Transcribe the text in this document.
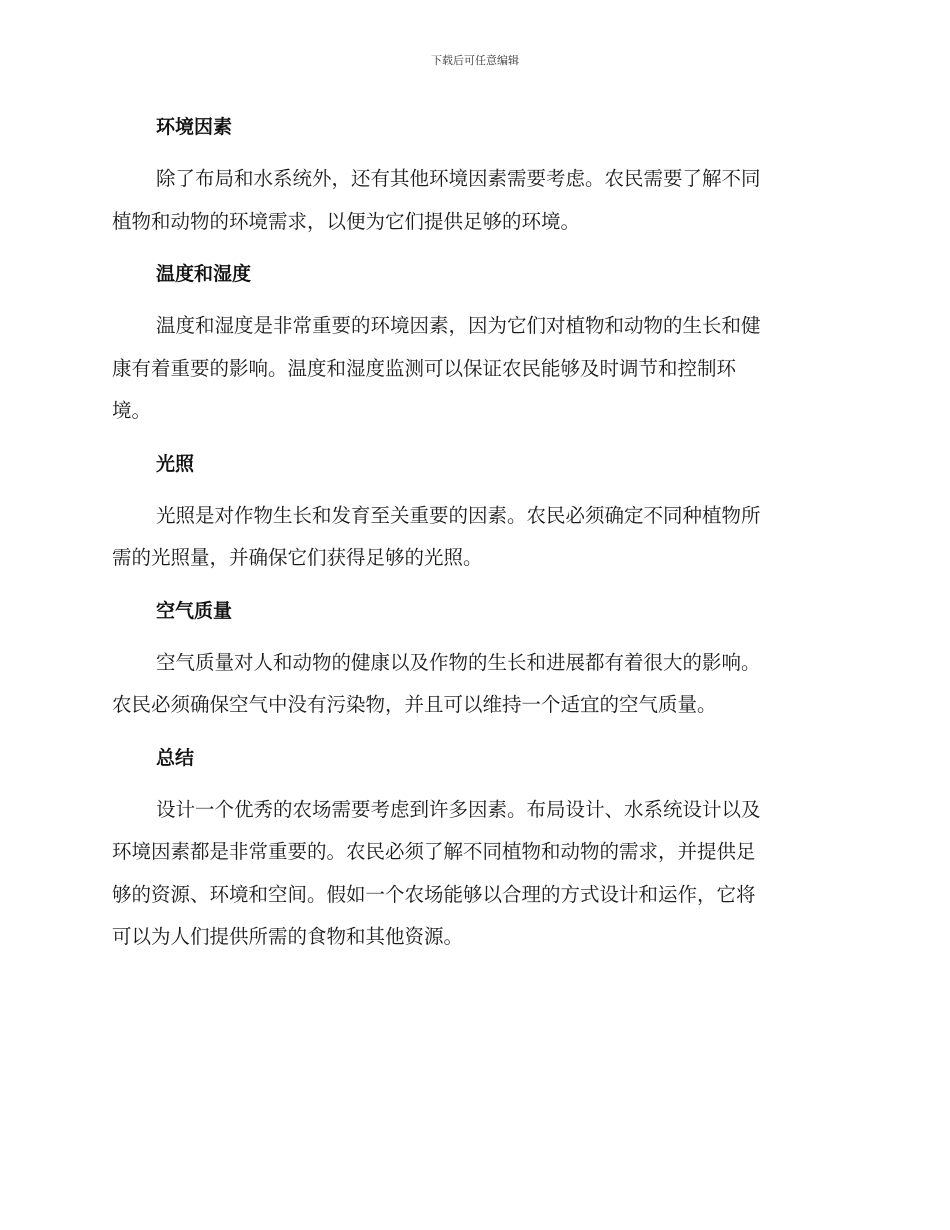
下载后可任意编辑
环境因素
除了布局和水系统外，还有其他环境因素需要考虑。农民需要了解不同
植物和动物的环境需求，以便为它们提供足够的环境。
温度和湿度
温度和湿度是非常重要的环境因素，因为它们对植物和动物的生长和健
康有着重要的影响。温度和湿度监测可以保证农民能够及时调节和控制环
境。
光照
光照是对作物生长和发育至关重要的因素。农民必须确定不同种植物所
需的光照量，并确保它们获得足够的光照。
空气质量
空气质量对人和动物的健康以及作物的生长和进展都有着很大的影响。
农民必须确保空气中没有污染物，并且可以维持一个适宜的空气质量。
总结
设计一个优秀的农场需要考虑到许多因素。布局设计、水系统设计以及
环境因素都是非常重要的。农民必须了解不同植物和动物的需求，并提供足
够的资源、环境和空间。假如一个农场能够以合理的方式设计和运作，它将
可以为人们提供所需的食物和其他资源。
